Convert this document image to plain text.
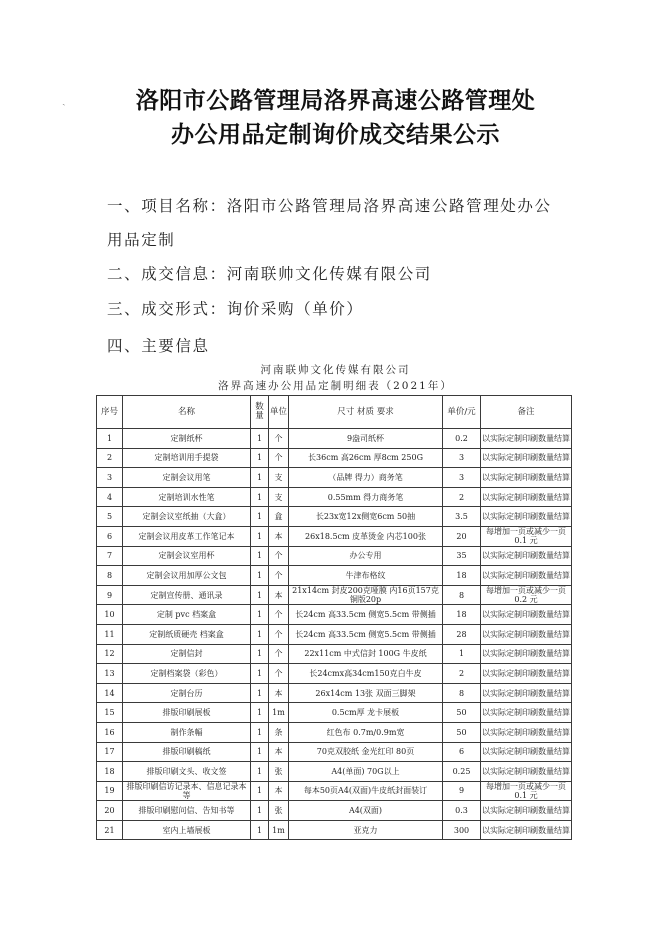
ˏ	洛阳市公路管理局洛界高速公路管理处
办公用品定制询价成交结果公示
一、项目名称：洛阳市公路管理局洛界高速公路管理处办公
用品定制
二、成交信息：河南联帅文化传媒有限公司
三、成交形式：询价采购（单价）
四、主要信息
河南联帅文化传媒有限公司
洛界高速办公用品定制明细表（2021年）
序号	名称	数量	单位	尺寸 材质 要求	单价/元	备注
1	定制纸杯	1	个	9盎司纸杯	0.2	以实际定制印刷数量结算
2	定制培训用手提袋	1	个	长36cm 高26cm 厚8cm 250G	3	以实际定制印刷数量结算
3	定制会议用笔	1	支	（品牌 得力）商务笔	3	以实际定制印刷数量结算
4	定制培训水性笔	1	支	0.55mm 得力商务笔	2	以实际定制印刷数量结算
5	定制会议室纸抽（大盒）	1	盒	长23x宽12x侧宽6cm 50抽	3.5	以实际定制印刷数量结算
6	定制会议用皮革工作笔记本	1	本	26x18.5cm 皮革烫金 内芯100张	20	每增加一页或减少一页 0.1 元
7	定制会议室用杯	1	个	办公专用	35	以实际定制印刷数量结算
8	定制会议用加厚公文包	1	个	牛津布格纹	18	以实际定制印刷数量结算
9	定制宣传册、通讯录	1	本	21x14cm 封皮200克哑膜 内16页157克铜版20p	8	每增加一页或减少一页 0.2 元
10	定制 pvc 档案盒	1	个	长24cm 高33.5cm 侧宽5.5cm 带侧插	18	以实际定制印刷数量结算
11	定制纸质硬壳 档案盒	1	个	长24cm 高33.5cm 侧宽5.5cm 带侧插	28	以实际定制印刷数量结算
12	定制信封	1	个	22x11cm 中式信封 100G 牛皮纸	1	以实际定制印刷数量结算
13	定制档案袋（彩色）	1	个	长24cmx高34cm150克白牛皮	2	以实际定制印刷数量结算
14	定制台历	1	本	26x14cm 13张 双面三脚架	8	以实际定制印刷数量结算
15	排版印刷展板	1	1m	0.5cm厚 龙卡展板	50	以实际定制印刷数量结算
16	制作条幅	1	条	红色布 0.7m/0.9m宽	50	以实际定制印刷数量结算
17	排版印刷稿纸	1	本	70克双胶纸 金光红印 80页	6	以实际定制印刷数量结算
18	排版印刷文头、收文签	1	张	A4(单面) 70G以上	0.25	以实际定制印刷数量结算
19	排版印刷信访记录本、信息记录本等	1	本	每本50页A4(双面)牛皮纸封面装订	9	每增加一页或减少一页 0.1 元
20	排版印刷慰问信、告知书等	1	张	A4(双面)	0.3	以实际定制印刷数量结算
21	室内上墙展板	1	1m	亚克力	300	以实际定制印刷数量结算
